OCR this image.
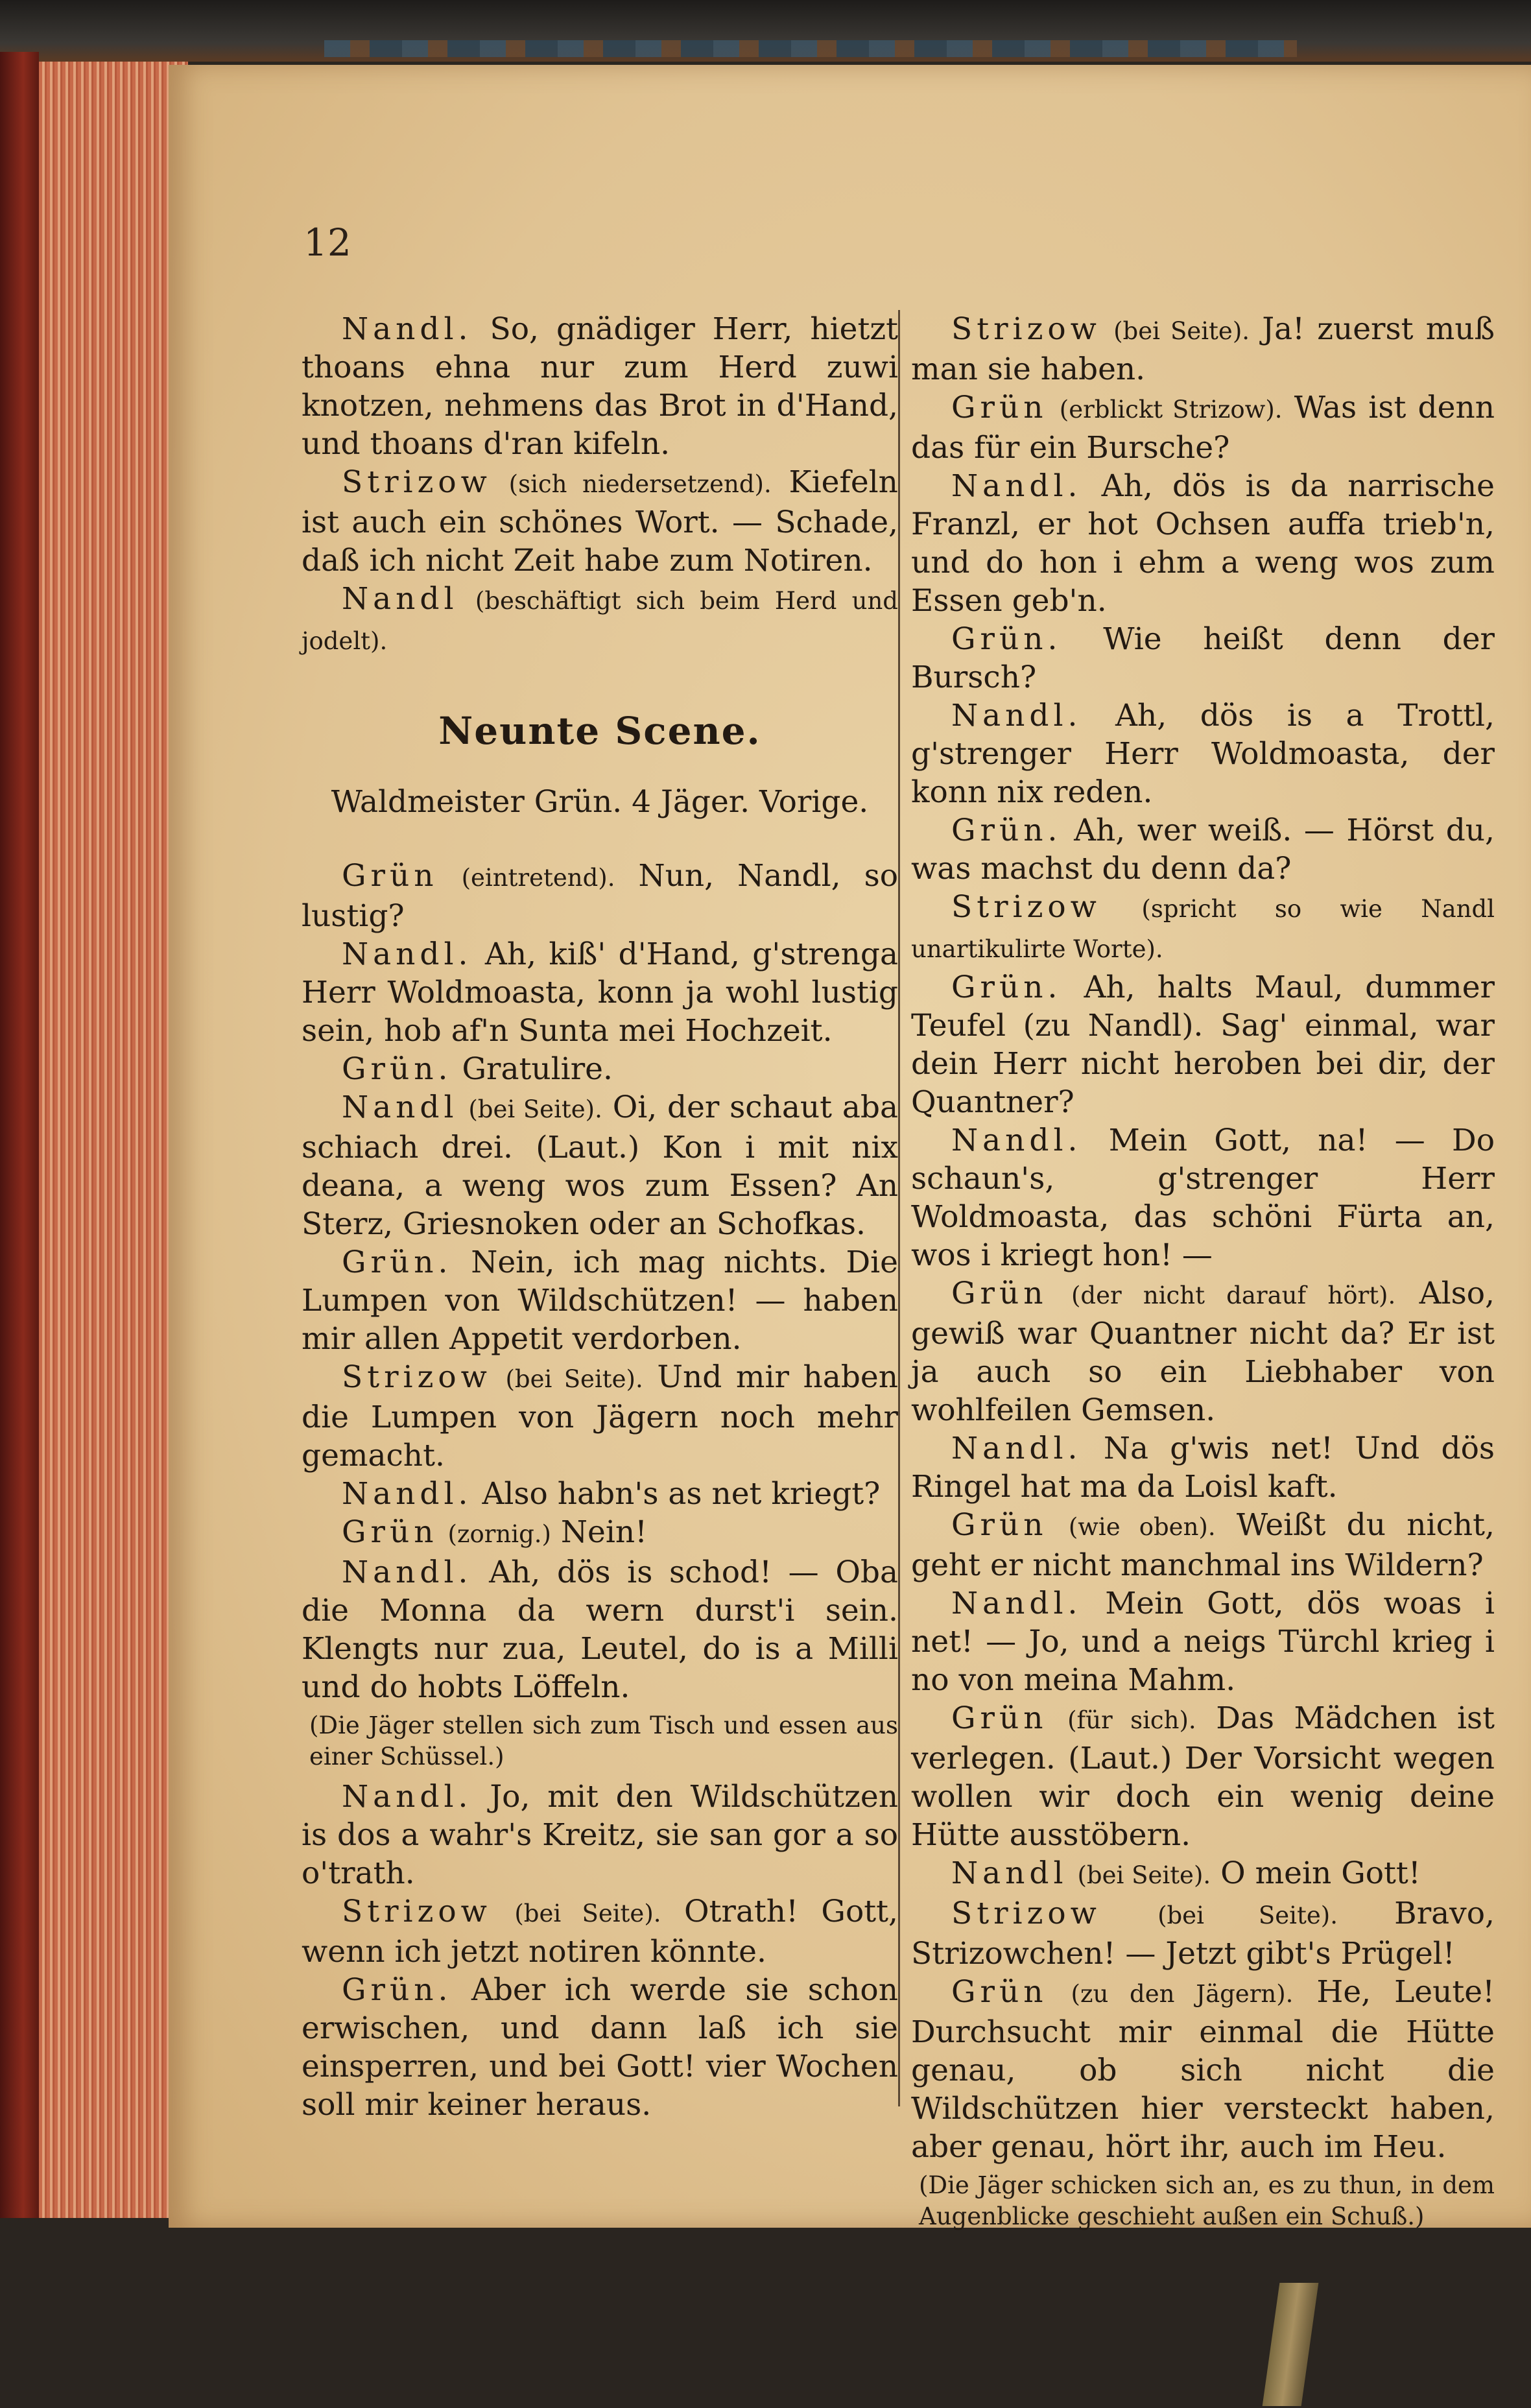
12

Nandl. So, gnädiger Herr, hietzt thoans ehna nur zum Herd zuwi knotzen, nehmens das Brot in d'Hand, und thoans d'ran kifeln.

Strizow (sich niedersetzend). Kiefeln ist auch ein schönes Wort. — Schade, daß ich nicht Zeit habe zum Notiren.

Nandl (beschäftigt sich beim Herd und jodelt).

Neunte Scene.
Waldmeister Grün. 4 Jäger. Vorige.

Grün (eintretend). Nun, Nandl, so lustig?

Nandl. Ah, kiß' d'Hand, g'strenga Herr Woldmoasta, konn ja wohl lustig sein, hob af'n Sunta mei Hochzeit.

Grün. Gratulire.

Nandl (bei Seite). Oi, der schaut aba schiach drei. (Laut.) Kon i mit nix deana, a weng wos zum Essen? An Sterz, Griesnoken oder an Schofkas.

Grün. Nein, ich mag nichts. Die Lumpen von Wildschützen! — haben mir allen Appetit verdorben.

Strizow (bei Seite). Und mir haben die Lumpen von Jägern noch mehr gemacht.

Nandl. Also habn's as net kriegt?

Grün (zornig.) Nein!

Nandl. Ah, dös is schod! — Oba die Monna da wern durst'i sein. Klengts nur zua, Leutel, do is a Milli und do hobts Löffeln.

(Die Jäger stellen sich zum Tisch und essen aus einer Schüssel.)

Nandl. Jo, mit den Wildschützen is dos a wahr's Kreitz, sie san gor a so o'trath.

Strizow (bei Seite). Otrath! Gott, wenn ich jetzt notiren könnte.

Grün. Aber ich werde sie schon erwischen, und dann laß ich sie einsperren, und bei Gott! vier Wochen soll mir keiner heraus.

Strizow (bei Seite). Ja! zuerst muß man sie haben.

Grün (erblickt Strizow). Was ist denn das für ein Bursche?

Nandl. Ah, dös is da narrische Franzl, er hot Ochsen auffa trieb'n, und do hon i ehm a weng wos zum Essen geb'n.

Grün. Wie heißt denn der Bursch?

Nandl. Ah, dös is a Trottl, g'strenger Herr Woldmoasta, der konn nix reden.

Grün. Ah, wer weiß. — Hörst du, was machst du denn da?

Strizow (spricht so wie Nandl unartikulirte Worte).

Grün. Ah, halts Maul, dummer Teufel (zu Nandl). Sag' einmal, war dein Herr nicht heroben bei dir, der Quantner?

Nandl. Mein Gott, na! — Do schaun's, g'strenger Herr Woldmoasta, das schöni Fürta an, wos i kriegt hon! —

Grün (der nicht darauf hört). Also, gewiß war Quantner nicht da? Er ist ja auch so ein Liebhaber von wohlfeilen Gemsen.

Nandl. Na g'wis net! Und dös Ringel hat ma da Loisl kaft.

Grün (wie oben). Weißt du nicht, geht er nicht manchmal ins Wildern?

Nandl. Mein Gott, dös woas i net! — Jo, und a neigs Türchl krieg i no von meina Mahm.

Grün (für sich). Das Mädchen ist verlegen. (Laut.) Der Vorsicht wegen wollen wir doch ein wenig deine Hütte ausstöbern.

Nandl (bei Seite). O mein Gott!

Strizow (bei Seite). Bravo, Strizowchen! — Jetzt gibt's Prügel!

Grün (zu den Jägern). He, Leute! Durchsucht mir einmal die Hütte genau, ob sich nicht die Wildschützen hier versteckt haben, aber genau, hört ihr, auch im Heu.

(Die Jäger schicken sich an, es zu thun, in dem Augenblicke geschieht außen ein Schuß.)
